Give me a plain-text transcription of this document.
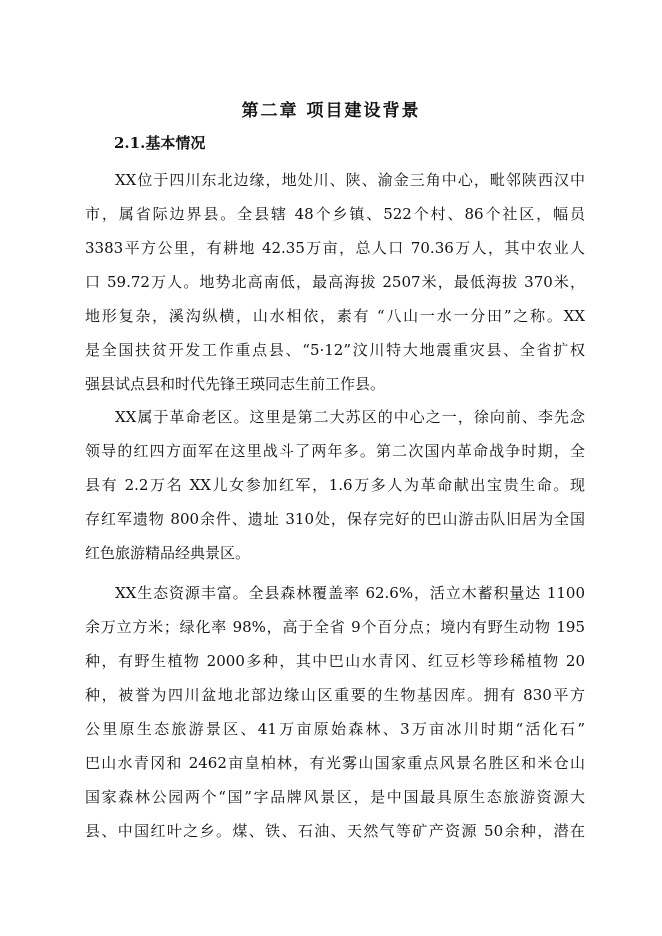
第二章 项目建设背景
2.1.基本情况
XX位于四川东北边缘，地处川、陕、渝金三角中心，毗邻陕西汉中
市，属省际边界县。全县辖 48个乡镇、522个村、86个社区，幅员
3383平方公里，有耕地 42.35万亩，总人口 70.36万人，其中农业人
口 59.72万人。地势北高南低，最高海拔 2507米，最低海拔 370米，
地形复杂，溪沟纵横，山水相依，素有 “八山一水一分田”之称。XX
是全国扶贫开发工作重点县、“5·12”汶川特大地震重灾县、全省扩权
强县试点县和时代先锋王瑛同志生前工作县。
XX属于革命老区。这里是第二大苏区的中心之一，徐向前、李先念
领导的红四方面军在这里战斗了两年多。第二次国内革命战争时期，全
县有 2.2万名 XX儿女参加红军，1.6万多人为革命献出宝贵生命。现
存红军遗物 800余件、遗址 310处，保存完好的巴山游击队旧居为全国
红色旅游精品经典景区。
XX生态资源丰富。全县森林覆盖率 62.6%，活立木蓄积量达 1100
余万立方米；绿化率 98%，高于全省 9个百分点；境内有野生动物 195
种，有野生植物 2000多种，其中巴山水青冈、红豆杉等珍稀植物 20
种，被誉为四川盆地北部边缘山区重要的生物基因库。拥有 830平方
公里原生态旅游景区、41万亩原始森林、3万亩冰川时期“活化石”
巴山水青冈和 2462亩皇柏林，有光雾山国家重点风景名胜区和米仓山
国家森林公园两个“国”字品牌风景区，是中国最具原生态旅游资源大
县、中国红叶之乡。煤、铁、石油、天然气等矿产资源 50余种，潜在
